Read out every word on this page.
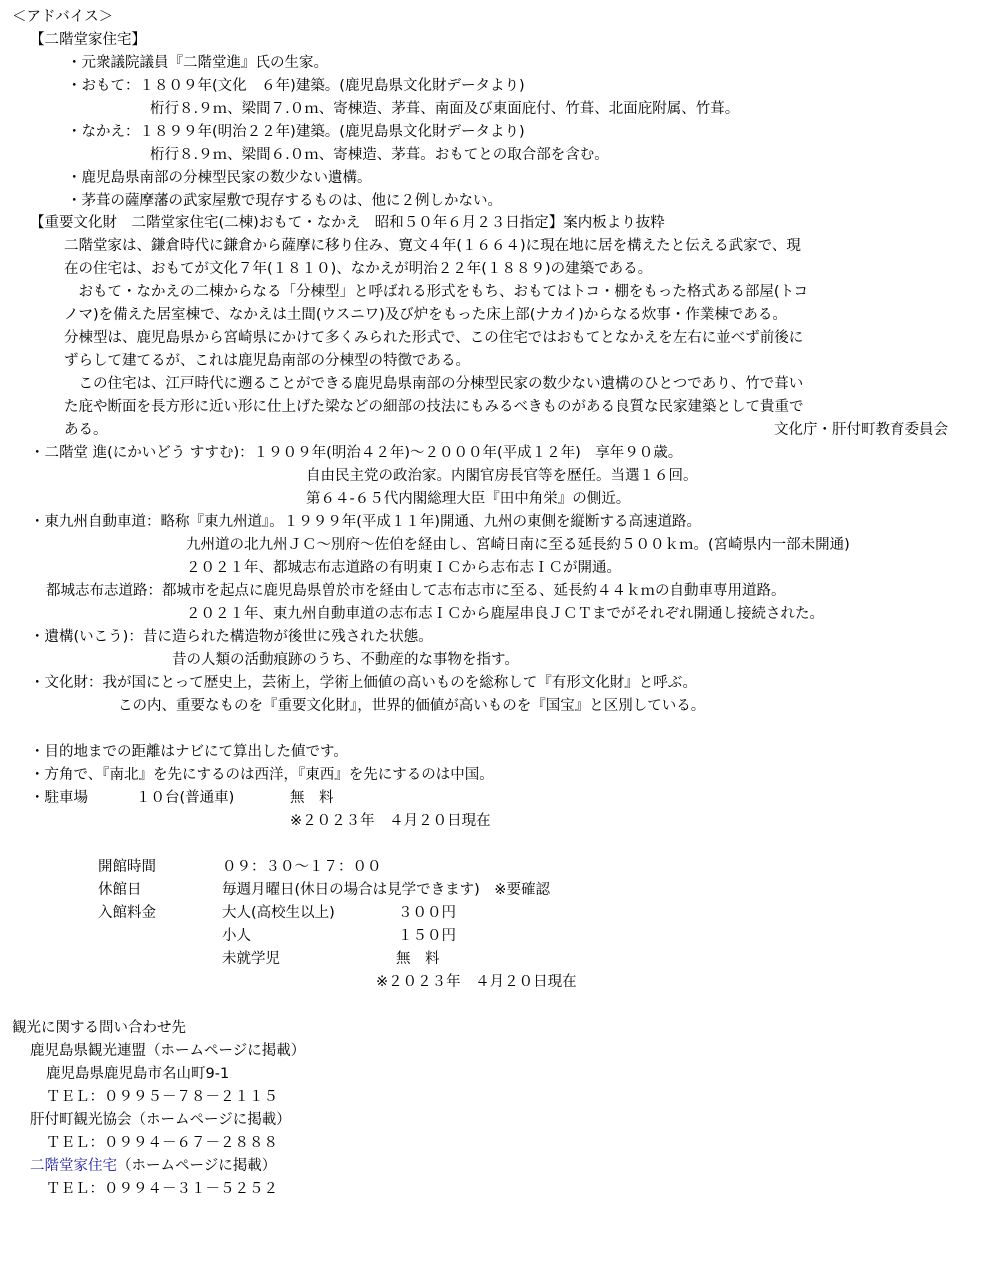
＜アドバイス＞
【二階堂家住宅】
・元衆議院議員『二階堂進』氏の生家。
・おもて：１８０９年(文化　６年)建築。(鹿児島県文化財データより)
桁行８.９ｍ、梁間７.０ｍ、寄棟造、茅葺、南面及び東面庇付、竹葺、北面庇附属、竹葺。
・なかえ：１８９９年(明治２２年)建築。(鹿児島県文化財データより)
桁行８.９ｍ、梁間６.０ｍ、寄棟造、茅葺。おもてとの取合部を含む。
・鹿児島県南部の分棟型民家の数少ない遺構。
・茅葺の薩摩藩の武家屋敷で現存するものは、他に２例しかない。
【重要文化財　二階堂家住宅(二棟)おもて・なかえ　昭和５０年６月２３日指定】案内板より抜粋
二階堂家は、鎌倉時代に鎌倉から薩摩に移り住み、寛文４年(１６６４)に現在地に居を構えたと伝える武家で、現
在の住宅は、おもてが文化７年(１８１０)、なかえが明治２２年(１８８９)の建築である。
　おもて・なかえの二棟からなる「分棟型」と呼ばれる形式をもち、おもてはトコ・棚をもった格式ある部屋(トコ
ノマ)を備えた居室棟で、なかえは土間(ウスニワ)及び炉をもった床上部(ナカイ)からなる炊事・作業棟である。
分棟型は、鹿児島県から宮崎県にかけて多くみられた形式で、この住宅ではおもてとなかえを左右に並べず前後に
ずらして建てるが、これは鹿児島南部の分棟型の特徴である。
　この住宅は、江戸時代に遡ることができる鹿児島県南部の分棟型民家の数少ない遺構のひとつであり、竹で葺い
た庇や断面を長方形に近い形に仕上げた梁などの細部の技法にもみるべきものがある良質な民家建築として貴重で
ある。	文化庁・肝付町教育委員会
・二階堂 進(にかいどう すすむ)：１９０９年(明治４２年)～２０００年(平成１２年)　享年９０歳。
自由民主党の政治家。内閣官房長官等を歴任。当選１６回。
第６４-６５代内閣総理大臣『田中角栄』の側近。
・東九州自動車道：略称『東九州道』。１９９９年(平成１１年)開通、九州の東側を縦断する高速道路。
九州道の北九州ＪＣ～別府～佐伯を経由し、宮崎日南に至る延長約５００ｋｍ。(宮崎県内一部未開通)
２０２１年、都城志布志道路の有明東ＩＣから志布志ＩＣが開通。
都城志布志道路：都城市を起点に鹿児島県曽於市を経由して志布志市に至る、延長約４４ｋｍの自動車専用道路。
２０２１年、東九州自動車道の志布志ＩＣから鹿屋串良ＪＣＴまでがそれぞれ開通し接続された。
・遺構(いこう)：昔に造られた構造物が後世に残された状態。
昔の人類の活動痕跡のうち、不動産的な事物を指す。
・文化財：我が国にとって歴史上，芸術上，学術上価値の高いものを総称して『有形文化財』と呼ぶ。
この内、重要なものを『重要文化財』，世界的価値が高いものを『国宝』と区別している。
・目的地までの距離はナビにて算出した値です。
・方角で、『南北』を先にするのは西洋，『東西』を先にするのは中国。
・駐車場	１０台(普通車)	無　料
※２０２３年　４月２０日現在
開館時間	０９：３０～１７：００
休館日	毎週月曜日(休日の場合は見学できます)　※要確認
入館料金	大人(高校生以上)	３００円
小人	１５０円
未就学児	無　料
※２０２３年　４月２０日現在
観光に関する問い合わせ先
鹿児島県観光連盟（ホームページに掲載）
鹿児島県鹿児島市名山町9-1
ＴＥＬ：０９９５－７８－２１１５
肝付町観光協会（ホームページに掲載）
ＴＥＬ：０９９４－６７－２８８８
二階堂家住宅（ホームページに掲載）
ＴＥＬ：０９９４－３１－５２５２
